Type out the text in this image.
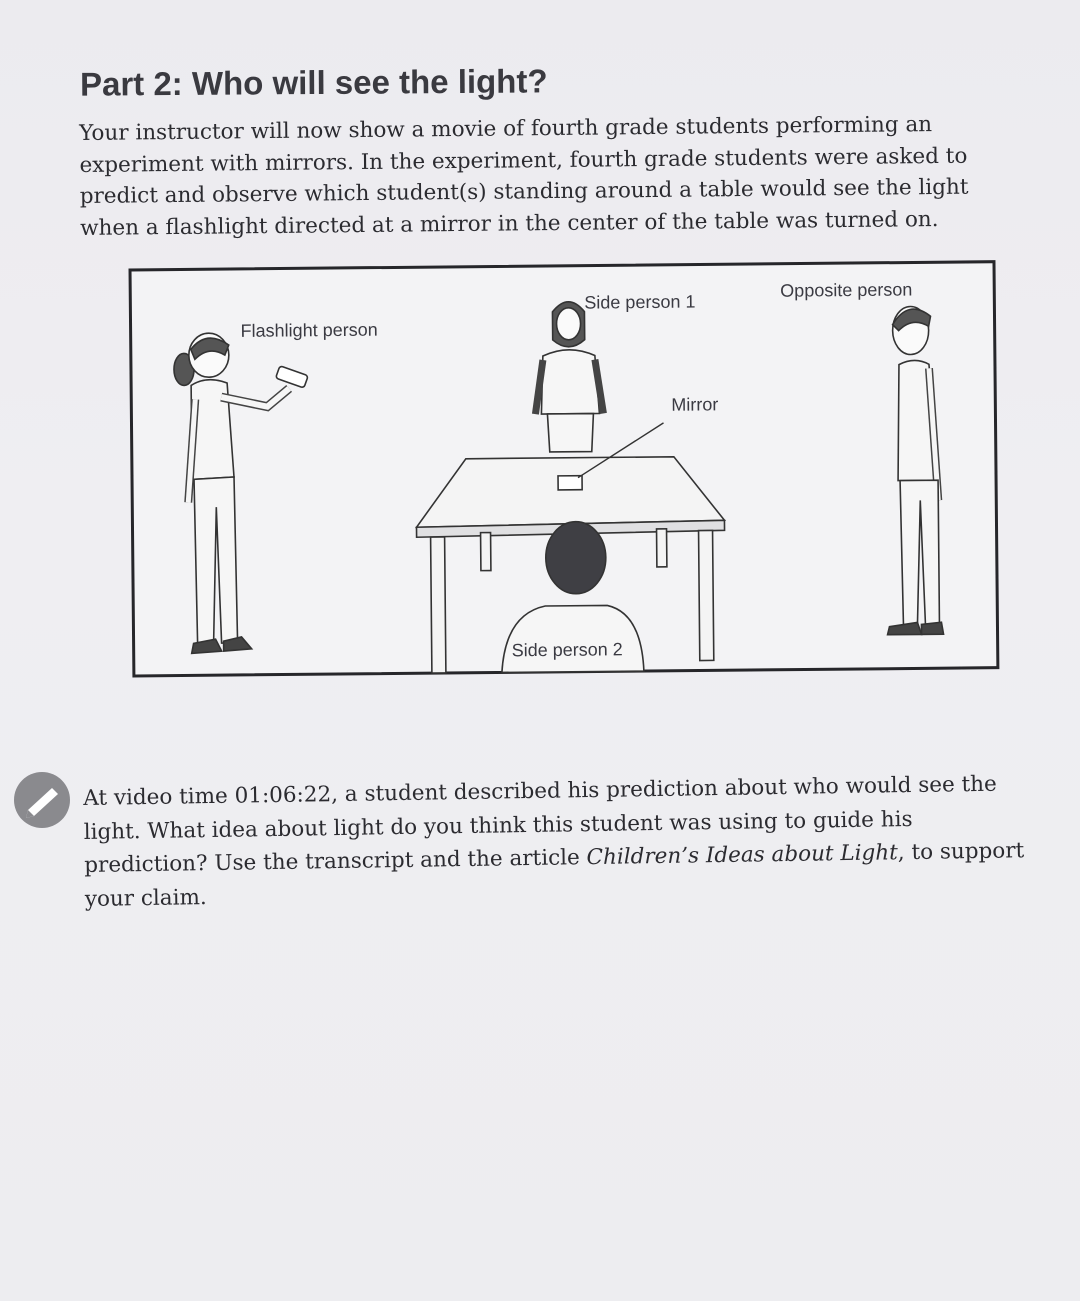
Part 2: Who will see the light?

Your instructor will now show a movie of fourth grade students performing an experiment with mirrors. In the experiment, fourth grade students were asked to predict and observe which student(s) standing around a table would see the light when a flashlight directed at a mirror in the center of the table was turned on.

Flashlight person
Side person 1
Opposite person
Mirror
Side person 2

At video time 01:06:22, a student described his prediction about who would see the light. What idea about light do you think this student was using to guide his prediction? Use the transcript and the article Children’s Ideas about Light, to support your claim.
